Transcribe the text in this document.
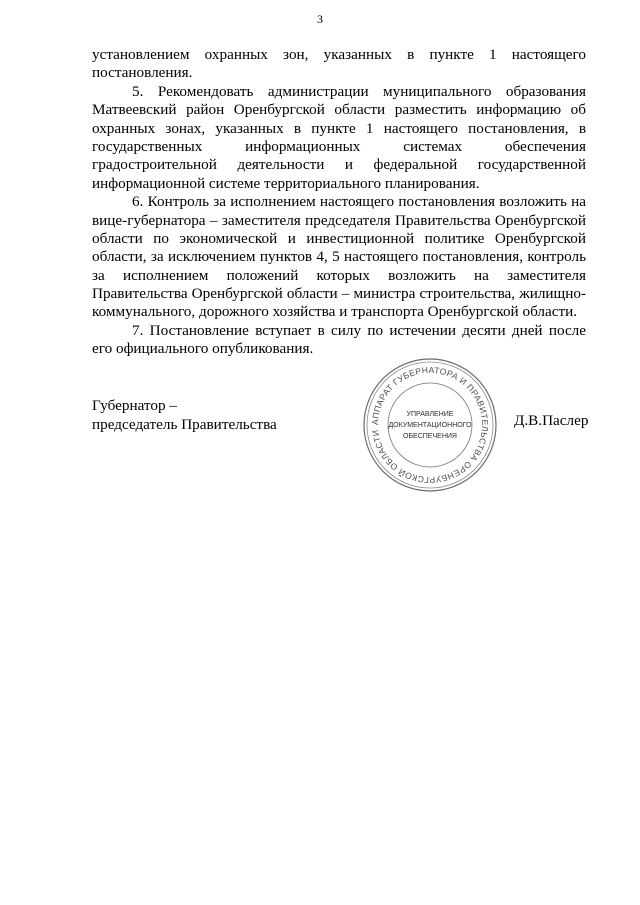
3
установлением охранных зон, указанных в пункте 1 настоящего
постановления.
5. Рекомендовать администрации муниципального образования
Матвеевский район Оренбургской области разместить информацию об
охранных зонах, указанных в пункте 1 настоящего постановления, в
государственных информационных системах обеспечения
градостроительной деятельности и федеральной государственной
информационной системе территориального планирования.
6. Контроль за исполнением настоящего постановления возложить на
вице-губернатора – заместителя председателя Правительства Оренбургской
области по экономической и инвестиционной политике Оренбургской
области, за исключением пунктов 4, 5 настоящего постановления, контроль
за исполнением положений которых возложить на заместителя
Правительства Оренбургской области – министра строительства, жилищно-
коммунального, дорожного хозяйства и транспорта Оренбургской области.
7. Постановление вступает в силу по истечении десяти дней после
его официального опубликования.
Губернатор –
председатель Правительства	АППАРАТ ГУБЕРНАТОРА И ПРАВИТЕЛЬСТВА ОРЕНБУРГСКОЙ ОБЛАСТИ
УПРАВЛЕНИЕ
ДОКУМЕНТАЦИОННОГО
ОБЕСПЕЧЕНИЯ
Д.В.Паслер
